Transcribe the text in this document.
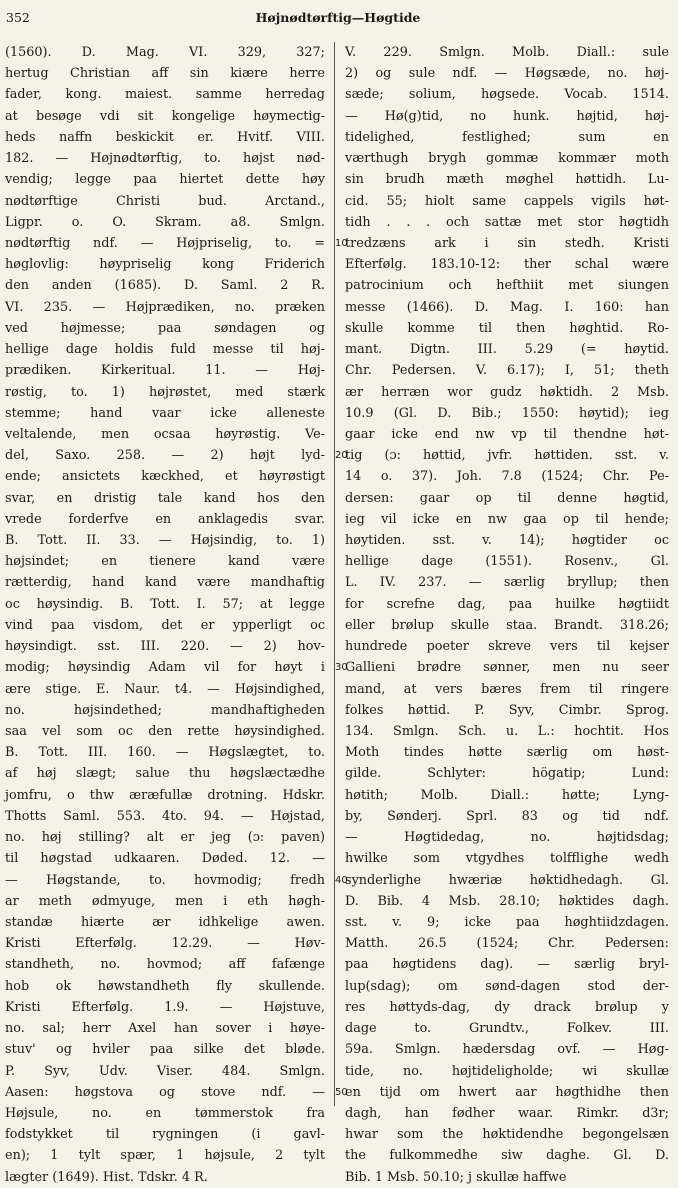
352	Højnødtørftig—Høgtide
(1560). D. Mag. VI. 329, 327;
hertug Christian aff sin kiære herre
fader, kong. maiest. samme herredag
at besøge vdi sit kongelige høymectig-
heds naffn beskickit er. Hvitf. VIII.
182. — Højnødtørftig, to. højst nød-
vendig; legge paa hiertet dette høy
nødtørftige Christi bud. Arctand.,
Ligpr. o. O. Skram. a8. Smlgn.
nødtørftig ndf. — Højpriselig, to. =
høglovlig: høypriselig kong Friderich
den anden (1685). D. Saml. 2 R.
VI. 235. — Højprædiken, no. præken
ved højmesse; paa søndagen og
hellige dage holdis fuld messe til høj-
prædiken. Kirkeritual. 11. — Høj-
røstig, to. 1) højrøstet, med stærk
stemme; hand vaar icke alleneste
veltalende, men ocsaa høyrøstig. Ve-
del, Saxo. 258. — 2) højt lyd-
ende; ansictets kæckhed, et høyrøstigt
svar, en dristig tale kand hos den
vrede forderfve en anklagedis svar.
B. Tott. II. 33. — Højsindig, to. 1)
højsindet; en tienere kand være
rætterdig, hand kand være mandhaftig
oc høysindig. B. Tott. I. 57; at legge
vind paa visdom, det er ypperligt oc
høysindigt. sst. III. 220. — 2) hov-
modig; høysindig Adam vil for høyt i
ære stige. E. Naur. t4. — Højsindighed,
no. højsindethed; mandhaftigheden
saa vel som oc den rette høysindighed.
B. Tott. III. 160. — Høgslægtet, to.
af høj slægt; salue thu høgslæctædhe
jomfru, o thw æræfullæ drotning. Hdskr.
Thotts Saml. 553. 4to. 94. — Højstad,
no. høj stilling? alt er jeg (ɔ: paven)
til høgstad udkaaren. Døded. 12. —
— Høgstande, to. hovmodig; fredh
ar meth ødmyuge, men i eth høgh-
standæ hiærte ær idhkelige awen.
Kristi Efterfølg. 12.29. — Høv-
standheth, no. hovmod; aff fafænge
hob ok høwstandheth fly skullende.
Kristi Efterfølg. 1.9. — Højstuve,
no. sal; herr Axel han sover i høye-
stuv' og hviler paa silke det bløde.
P. Syv, Udv. Viser. 484. Smlgn.
Aasen: høgstova og stove ndf. —
Højsule, no. en tømmerstok fra
fodstykket til rygningen (i gavl-
en); 1 tylt spær, 1 højsule, 2 tylt
lægter (1649). Hist. Tdskr. 4 R.
10
20
30
40
50
V. 229. Smlgn. Molb. Diall.: sule
2) og sule ndf. — Høgsæde, no. høj-
sæde; solium, høgsede. Vocab. 1514.
— Hø(g)tid, no hunk. højtid, høj-
tidelighed, festlighed; sum en
værthugh brygh gommæ kommær moth
sin brudh mæth møghel høttidh. Lu-
cid. 55; hiolt same cappels vigils høt-
tidh . . . och sattæ met stor høgtidh
tredzæns ark i sin stedh. Kristi
Efterfølg. 183.10-12: ther schal wære
patrocinium och hefthiit met siungen
messe (1466). D. Mag. I. 160: han
skulle komme til then høghtid. Ro-
mant. Digtn. III. 5.29 (= høytid.
Chr. Pedersen. V. 6.17); I, 51; theth
ær herræn wor gudz høktidh. 2 Msb.
10.9 (Gl. D. Bib.; 1550: høytid); ieg
gaar icke end nw vp til thendne høt-
tig (ɔ: høttid, jvfr. høttiden. sst. v.
14 o. 37). Joh. 7.8 (1524; Chr. Pe-
dersen: gaar op til denne høgtid,
ieg vil icke en nw gaa op til hende;
høytiden. sst. v. 14); høgtider oc
hellige dage (1551). Rosenv., Gl.
L. IV. 237. — særlig bryllup; then
for screfne dag, paa huilke høgtiidt
eller brølup skulle staa. Brandt. 318.26;
hundrede poeter skreve vers til kejser
Gallieni brødre sønner, men nu seer
mand, at vers bæres frem til ringere
folkes høttid. P. Syv, Cimbr. Sprog.
134. Smlgn. Sch. u. L.: hochtit. Hos
Moth tindes høtte særlig om høst-
gilde. Schlyter: högatip; Lund:
høtith; Molb. Diall.: høtte; Lyng-
by, Sønderj. Sprl. 83 og tid ndf.
— Høgtidedag, no. højtidsdag;
hwilke som vtgydhes tolfflighe wedh
synderlighe hwæriæ høktidhedagh. Gl.
D. Bib. 4 Msb. 28.10; høktides dagh.
sst. v. 9; icke paa høghtiidzdagen.
Matth. 26.5 (1524; Chr. Pedersen:
paa høgtidens dag). — særlig bryl-
lup(sdag); om sønd-dagen stod der-
res høttyds-dag, dy drack brølup y
dage to. Grundtv., Folkev. III.
59a. Smlgn. hædersdag ovf. — Høg-
tide, no. højtideligholde; wi skullæ
en tijd om hwert aar høgthidhe then
dagh, han fødher waar. Rimkr. d3r;
hwar som the høktidendhe begongelsæn
the fulkommedhe siw daghe. Gl. D.
Bib. 1 Msb. 50.10; j skullæ haffwe
